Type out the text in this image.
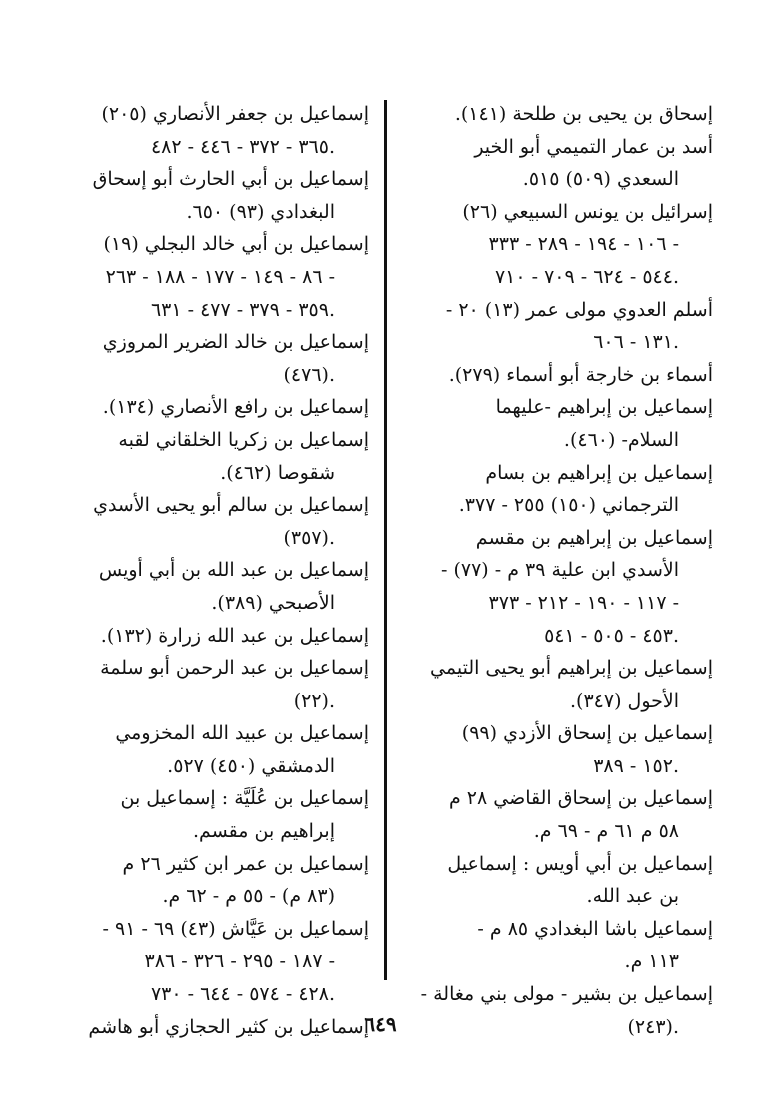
إسحاق بن يحيى بن طلحة (١٤١).
أسد بن عمار التميمي أبو الخير
السعدي (٥٠٩) ٥١٥.
إسرائيل بن يونس السبيعي (٢٦)
١٠٦ - ١٩٤ - ٢٨٩ - ٣٣٣ -
٥٤٤ - ٦٢٤ - ٧٠٩ - ٧١٠.
أسلم العدوي مولى عمر (١٣) ٢٠ -
١٣١ - ٦٠٦.
أسماء بن خارجة أبو أسماء (٢٧٩).
إسماعيل بن إبراهيم -عليهما
السلام- (٤٦٠).
إسماعيل بن إبراهيم بن بسام
الترجماني (١٥٠) ٢٥٥ - ٣٧٧.
إسماعيل بن إبراهيم بن مقسم
الأسدي ابن علية ٣٩ م - (٧٧) -
١١٧ - ١٩٠ - ٢١٢ - ٣٧٣ -
٤٥٣ - ٥٠٥ - ٥٤١.
إسماعيل بن إبراهيم أبو يحيى التيمي
الأحول (٣٤٧).
إسماعيل بن إسحاق الأزدي (٩٩)
١٥٢ - ٣٨٩.
إسماعيل بن إسحاق القاضي ٢٨ م
٥٨ م ٦١ م - ٦٩ م.
إسماعيل بن أبي أويس : إسماعيل
بن عبد الله.
إسماعيل باشا البغدادي ٨٥ م -
١١٣ م.
إسماعيل بن بشير - مولى بني مغالة -
(٢٤٣).
إسماعيل بن جعفر الأنصاري (٢٠٥)
٣٦٥ - ٣٧٢ - ٤٤٦ - ٤٨٢.
إسماعيل بن أبي الحارث أبو إسحاق
البغدادي (٩٣) ٦٥٠.
إسماعيل بن أبي خالد البجلي (١٩)
٨٦ - ١٤٩ - ١٧٧ - ١٨٨ - ٢٦٣ -
٣٥٩ - ٣٧٩ - ٤٧٧ - ٦٣١.
إسماعيل بن خالد الضرير المروزي
(٤٧٦).
إسماعيل بن رافع الأنصاري (١٣٤).
إسماعيل بن زكريا الخلقاني لقبه
شقوصا (٤٦٢).
إسماعيل بن سالم أبو يحيى الأسدي
(٣٥٧).
إسماعيل بن عبد الله بن أبي أويس
الأصبحي (٣٨٩).
إسماعيل بن عبد الله زرارة (١٣٢).
إسماعيل بن عبد الرحمن أبو سلمة
(٢٢).
إسماعيل بن عبيد الله المخزومي
الدمشقي (٤٥٠) ٥٢٧.
إسماعيل بن عُلَيَّة : إسماعيل بن
إبراهيم بن مقسم.
إسماعيل بن عمر ابن كثير ٢٦ م
(٨٣ م) - ٥٥ م - ٦٢ م.
إسماعيل بن عَيَّاش (٤٣) ٦٩ - ٩١ -
١٨٧ - ٢٩٥ - ٣٢٦ - ٣٨٦ -
٤٢٨ - ٥٧٤ - ٦٤٤ - ٧٣٠.
إسماعيل بن كثير الحجازي أبو هاشم
٦٤٩
